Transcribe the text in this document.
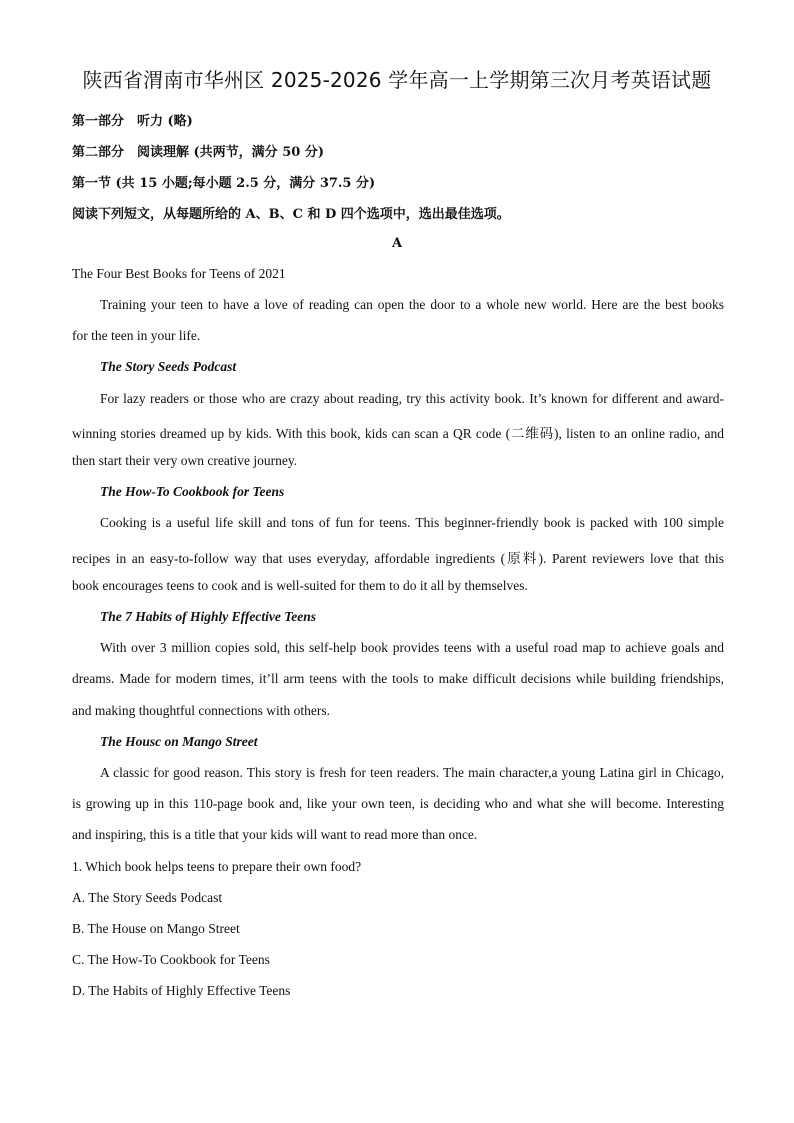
陕西省渭南市华州区 2025-2026 学年高一上学期第三次月考英语试题
第一部分　听力 (略)
第二部分　阅读理解 (共两节，满分 50 分)
第一节 (共 15 小题;每小题 2.5 分，满分 37.5 分)
阅读下列短文，从每题所给的 A、B、C 和 D 四个选项中，选出最佳选项。
A
The Four Best Books for Teens of 2021
Training your teen to have a love of reading can open the door to a whole new world. Here are the best books
for the teen in your life.
The Story Seeds Podcast
For lazy readers or those who are crazy about reading, try this activity book. It’s known for different and award-
winning stories dreamed up by kids. With this book, kids can scan a QR code (二维码), listen to an online radio, and
then start their very own creative journey.
The How-To Cookbook for Teens
Cooking is a useful life skill and tons of fun for teens. This beginner-friendly book is packed with 100 simple
recipes in an easy-to-follow way that uses everyday, affordable ingredients (原料). Parent reviewers love that this
book encourages teens to cook and is well-suited for them to do it all by themselves.
The 7 Habits of Highly Effective Teens
With over 3 million copies sold, this self-help book provides teens with a useful road map to achieve goals and
dreams. Made for modern times, it’ll arm teens with the tools to make difficult decisions while building friendships,
and making thoughtful connections with others.
The Housc on Mango Street
A classic for good reason. This story is fresh for teen readers. The main character,a young Latina girl in Chicago,
is growing up in this 110-page book and, like your own teen, is deciding who and what she will become. Interesting
and inspiring, this is a title that your kids will want to read more than once.
1. Which book helps teens to prepare their own food?
A. The Story Seeds Podcast
B. The House on Mango Street
C. The How-To Cookbook for Teens
D. The Habits of Highly Effective Teens
